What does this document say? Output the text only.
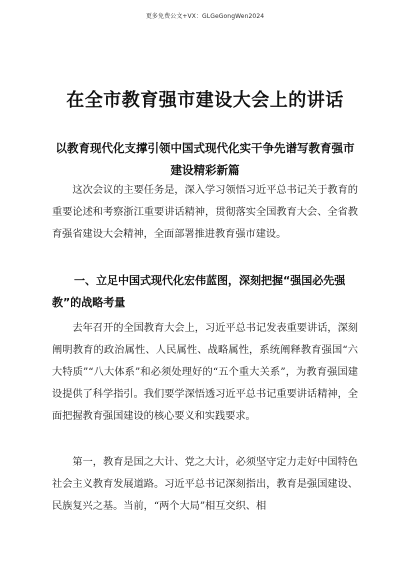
更多免费公文+VX：GLGeGongWen2024
在全市教育强市建设大会上的讲话
以教育现代化支撑引领中国式现代化实干争先谱写教育强市建设精彩新篇

这次会议的主要任务是，深入学习领悟习近平总书记关于教育的重要论述和考察浙江重要讲话精神，贯彻落实全国教育大会、全省教育强省建设大会精神，全面部署推进教育强市建设。

一、立足中国式现代化宏伟蓝图，深刻把握“强国必先强教”的战略考量

去年召开的全国教育大会上，习近平总书记发表重要讲话，深刻阐明教育的政治属性、人民属性、战略属性，系统阐释教育强国“六大特质”“八大体系”和必须处理好的“五个重大关系”，为教育强国建设提供了科学指引。我们要学深悟透习近平总书记重要讲话精神，全面把握教育强国建设的核心要义和实践要求。

第一，教育是国之大计、党之大计，必须坚守定力走好中国特色社会主义教育发展道路。习近平总书记深刻指出，教育是强国建设、民族复兴之基。当前，“两个大局”相互交织、相
